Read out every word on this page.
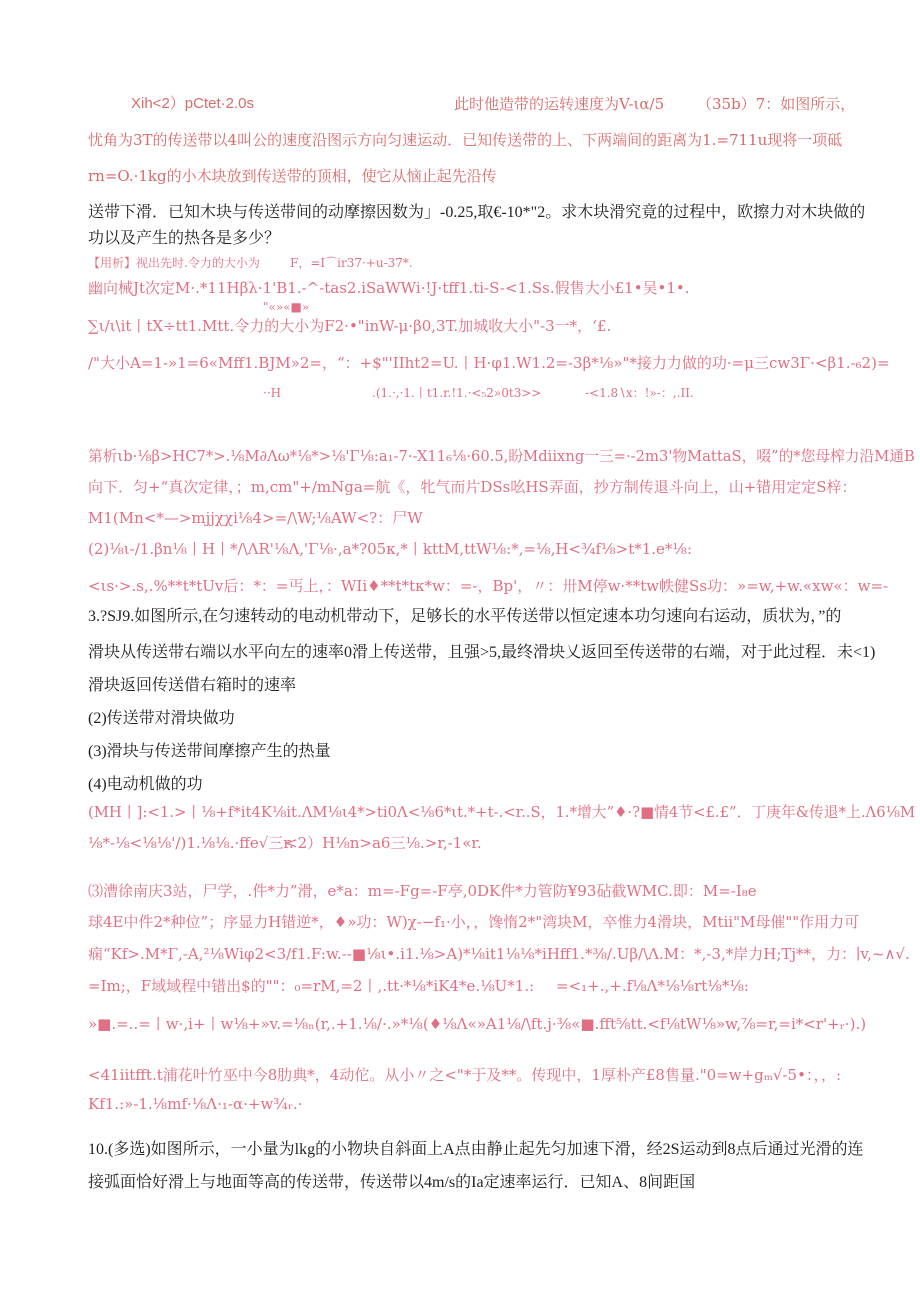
Xih<2）pCtet·2.0s	此时他造带的运转速度为V-ια∕5 （35b）7：如图所示，
忧角为3T的传送带以4叫公的速度沿图示方向匀速运动．已知传送带的上、下两端间的距离为1.=711u现将一项砥
rn=O.·1kg的小木块放到传送带的顶相，使它从恼止起先沿传
送带下滑．已知木块与传送带间的动摩擦因数为」-0.25,取€-10*"2。求木块滑究竟的过程中，欧擦力对木块做的
功以及产生的热各是多少？
【用析】视出先时.令力的大小为	F，=I⌒ir37·+u-37*.
幽向械Jt次定M·.*11Hβλ·1'B1.-^-tas2.iSaWWi·!J·tff1.ti-S-<1.Ss.假售大小£1•吴•1•.
"«»«■»
∑ι∕ι\it丨tX÷tt1.Mtt.令力的大小为F2·•"inW-μ·β0,3T.加城收大小"-3一*，‘£.
∕"大小A=1-»1=6«Mff1.BJM»2=，“：+$"'IIht2=U.丨H·φ1.W1.2=-3β*⅛»"*接力力做的功·=μ三cw3Γ·<β1.-₆2)=
··H	.(1.·,·1.丨t1.r.!1.·<₅2»0t3>>	-<1.8∖x：!»-：,.II.
第析ιb·⅛β>HC7*>.⅛M∂Λω*⅛*>⅛'Γ⅛:a₁-7·-X11₆⅛·60.5,盼Mdiixng一三=·-2m3'物MattaS，啜”的*您母榨力沿M通B
向下．匀+“真次定律，；m,cm"+∕mNga=航《，牝气而片DSs吆HS弄面，抄方制传退斗向上，山+错用定定S梓：
M1(Mn<*—>mjjχχi⅛4>=∕\W;⅛AW<?：尸W
(2)⅛ι-∕1.βn⅛丨H丨*∕\ΛR'⅛Λ,'Γ⅛·,a*?05κ,*丨kttM,ttW⅛:*,=⅛,H<¾f⅛>t*1.e*⅛:
<ιs·>.s,.%**t*tUv后：*：=丐上，：WIi♦**t*tκ*w：=-，Bp'，〃：卅M停w·**tw帙健Ss功：»=w,+w.«xw«：w=-
3.?SJ9.如图所示,在匀速转动的电动机带动下，足够长的水平传送带以恒定速本功匀速向右运动，质状为，”的
滑块从传送带右端以水平向左的速率0滑上传送带，且强>5,最终滑块乂返回至传送带的右端，对于此过程．未<1)
滑块返回传送借右箱时的速率
(2)传送带对滑块做功
(3)滑块与传送带间摩擦产生的热量
(4)电动机做的功
(MH丨]:<1.>丨⅛+f*it4K⅛it.ΛM⅛ι4*>ti0Λ<⅛6*ιt.*+t-.<r..S，1.*增大”♦·?■情4节<£.£”．丁庚年&传退*上.Λ6⅛M
⅛*-⅛<⅛⅛'∕)1.⅛⅛.·ffe√三r.
<2）H⅛n>a6三⅛.>r,-1«r.
⑶漕徐南庆3站，尸学，.件*力”滑，e*a：m=-Fg=-F亭,0DK件*力管防¥93砧截WMC.即：M=-I₈e
球4E中件2*种位”；序显力H错逆*，♦»功：W)χ-−f₁·小，，馋惰2*"湾块M，卒惟力4滑块，Mtii"M母催""作用力可
痫“Kf>.M*Γ,-A,²⅛Wiφ2<3∕f1.F:w.--■⅛ι•.i1.⅛>A)*⅛it1⅛⅛*iHff1.*⅜∕.Uβ∕\Λ.M：*,-3,*岸力H;Tj**，力：∣v,~∧√.
=Im;，F域域程中错出$的""：₀=rM,=2丨,.tt·*⅛*iK4*e.⅛U*1.: =<₁+.,+.f⅛Λ*⅛⅛rt⅛*⅛:
»■.=..=丨w·,i+丨w⅛+»v.=⅛ₙ(r,.+1.⅛/·.»*⅛(♦⅛Λ«»A1⅛∕\ft.j·⅜«■.fft⅝tt.<f⅛tW⅛»w,⅞=r,=i*<r'+ᵣ·).)
<41iitfft.t浦花叶竹巫中今8肋典*，4动佗。从小〃之<"*于及**。传现中，1厚朴产£8售量."0=w+gₘ√-5•：，，:
Kf1.:»-1.⅛mf·⅛Λ·₁-α·+w¾ᵣ.·
10.(多选)如图所示，一小量为lkg的小物块自斜面上A点由静止起先匀加速下滑，经2S运动到8点后通过光滑的连
接弧面恰好滑上与地面等高的传送带，传送带以4m/s的Ia定速率运行．已知A、8间距国
